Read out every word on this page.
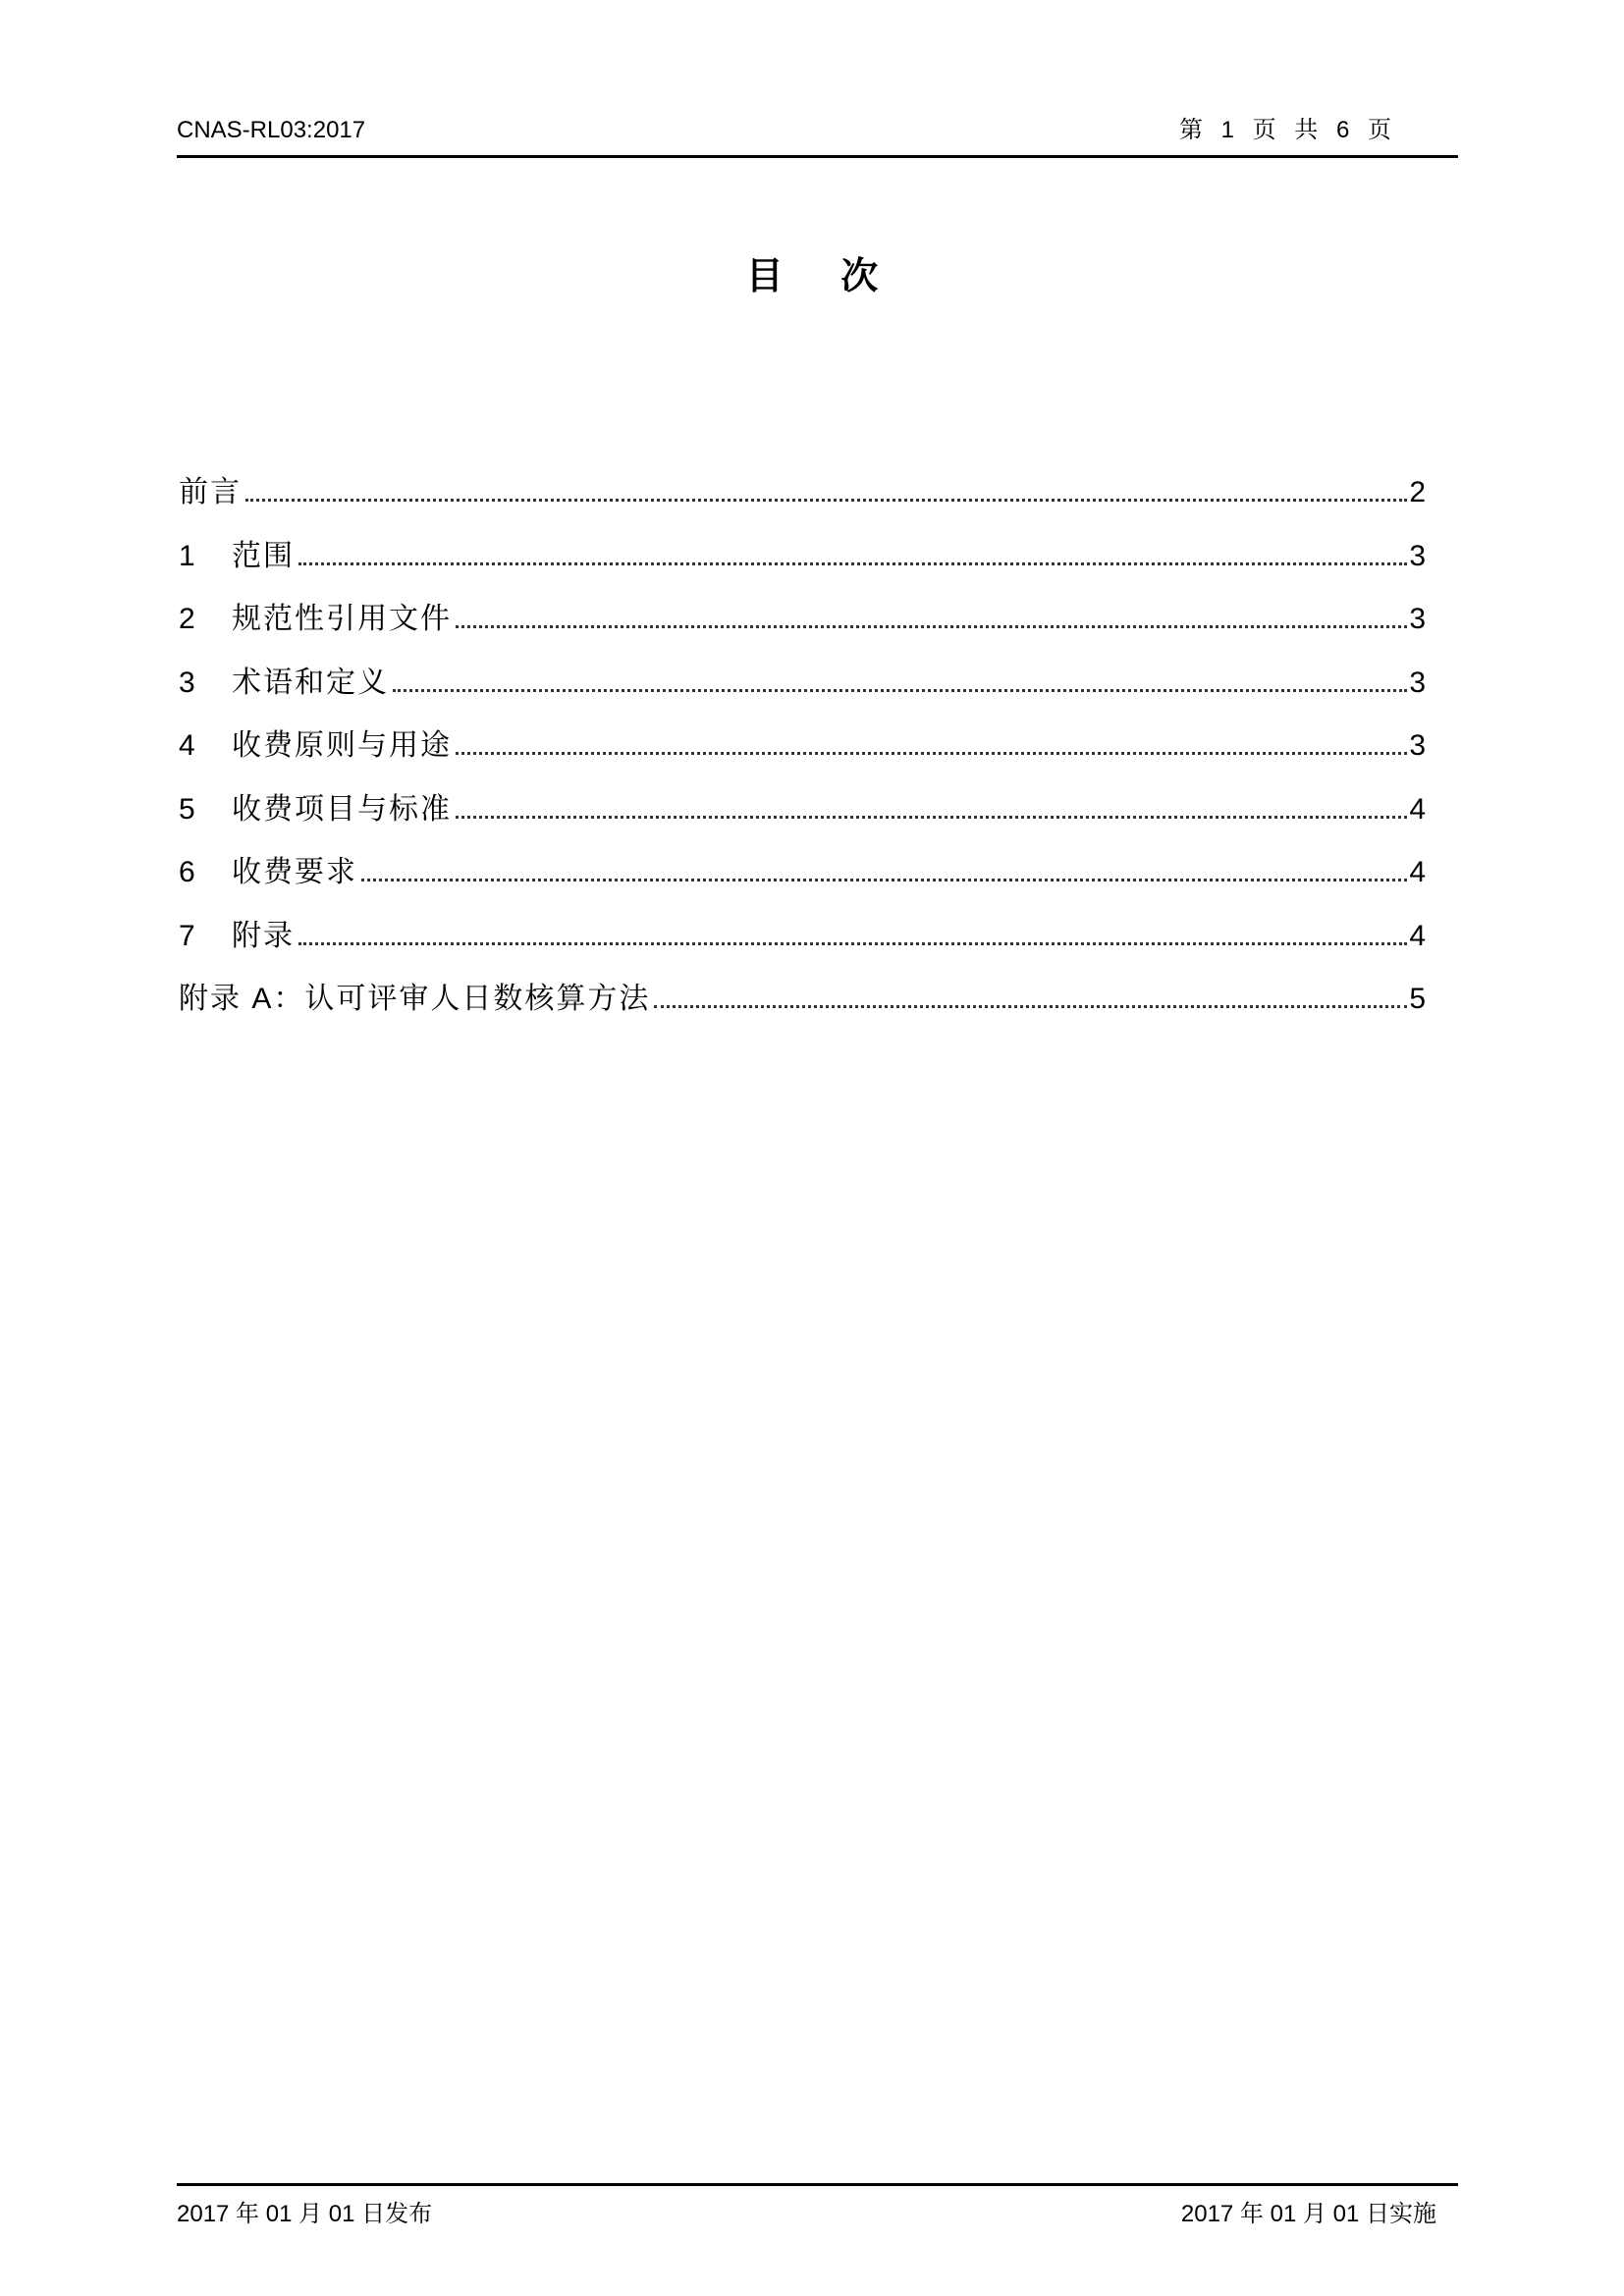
CNAS-RL03:2017	第 1 页 共 6 页
目 次
前言	2
1	范围	3
2	规范性引用文件	3
3	术语和定义	3
4	收费原则与用途	3
5	收费项目与标准	4
6	收费要求	4
7	附录	4
附录 A：认可评审人日数核算方法	5
2017 年 01 月 01 日发布	2017 年 01 月 01 日实施
